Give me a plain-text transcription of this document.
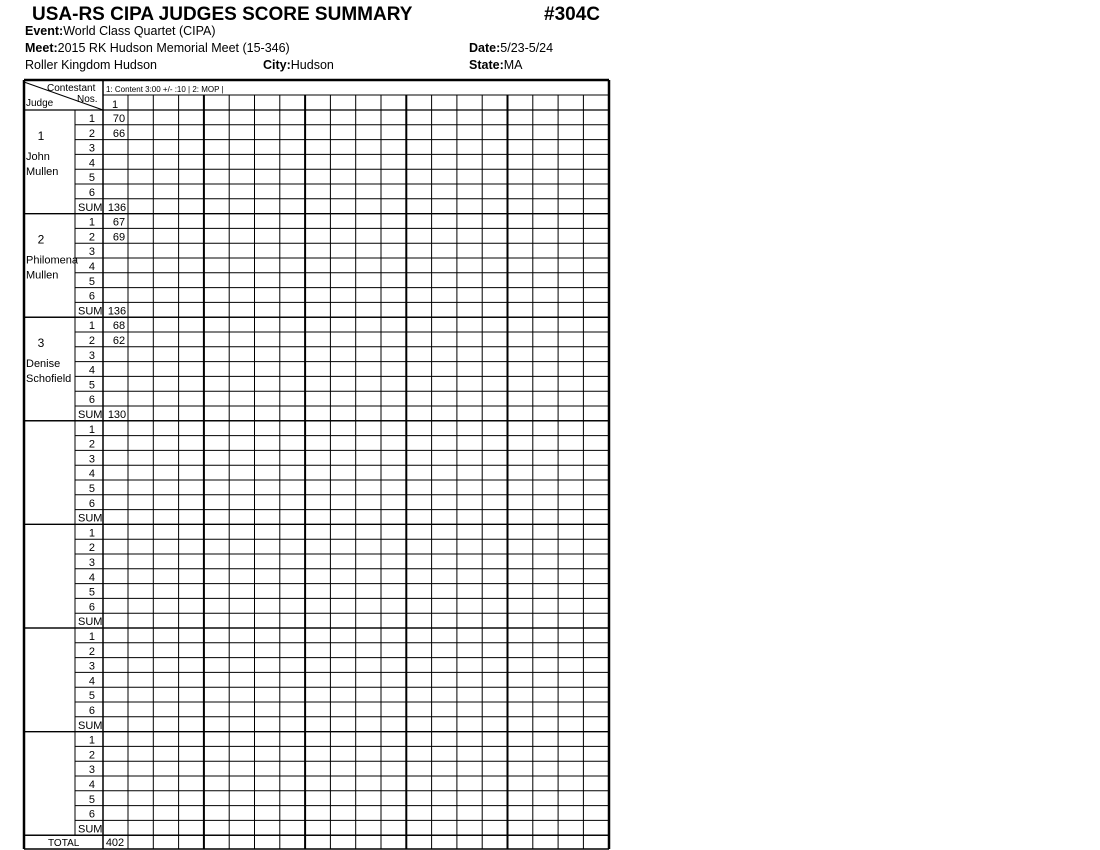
USA-RS CIPA JUDGES SCORE SUMMARY	#304C
Event:World Class Quartet (CIPA)
Meet:2015 RK Hudson Memorial Meet (15-346)	Date:5/23-5/24
Roller Kingdom Hudson	City:Hudson	State:MA
Contestant
Nos.
Judge
1: Content 3:00 +/- :10 | 2: MOP |
1
1
John
Mullen
1 70
2 66
3
4
5
6
SUM 136
2
Philomena
Mullen
1 67
2 69
3
4
5
6
SUM 136
3
Denise
Schofield
1 68
2 62
3
4
5
6
SUM 130
1
2
3
4
5
6
SUM
1
2
3
4
5
6
SUM
1
2
3
4
5
6
SUM
1
2
3
4
5
6
SUM
TOTAL 402
